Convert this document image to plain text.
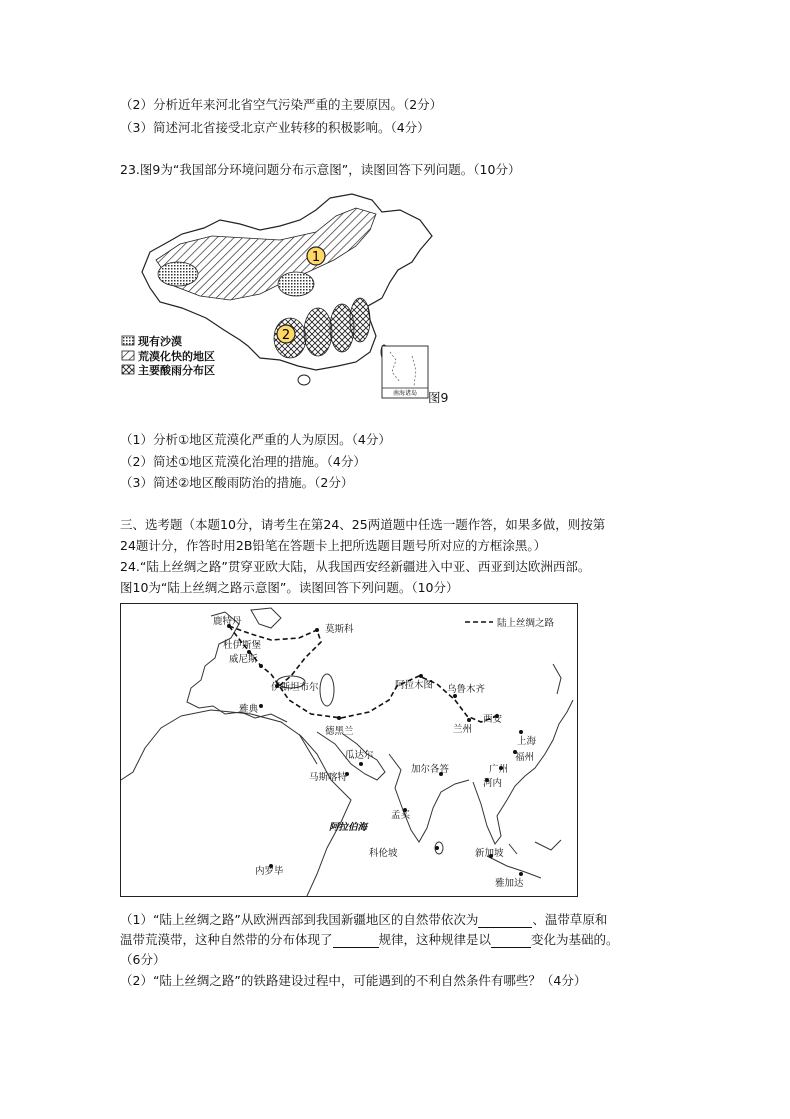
（2）分析近年来河北省空气污染严重的主要原因。（2分）
（3）简述河北省接受北京产业转移的积极影响。（4分）
23.图9为“我国部分环境问题分布示意图”，读图回答下列问题。（10分）
1
2
现有沙漠
荒漠化快的地区
主要酸雨分布区
南海诸岛 图9
（1）分析①地区荒漠化严重的人为原因。（4分）
（2）简述①地区荒漠化治理的措施。（4分）
（3）简述②地区酸雨防治的措施。（2分）
三、选考题（本题10分，请考生在第24、25两道题中任选一题作答，如果多做，则按第
24题计分，作答时用2B铅笔在答题卡上把所选题目题号所对应的方框涂黑。）
24.“陆上丝绸之路”贯穿亚欧大陆，从我国西安经新疆进入中亚、西亚到达欧洲西部。
图10为“陆上丝绸之路示意图”。读图回答下列问题。（10分）
陆上丝绸之路
鹿特丹
莫斯科
杜伊斯堡
威尼斯
伊斯坦布尔
雅典
德黑兰
阿拉木图 乌鲁木齐
西安
兰州
上海
福州
广州
河内
瓜达尔
马斯喀特
加尔各答
孟买
阿拉伯海
科伦坡
内罗毕
新加坡
雅加达
（1）“陆上丝绸之路”从欧洲西部到我国新疆地区的自然带依次为	、温带草原和
温带荒漠带，这种自然带的分布体现了	规律，这种规律是以	变化为基础的。
（6分）
（2）“陆上丝绸之路”的铁路建设过程中，可能遇到的不利自然条件有哪些？（4分）
